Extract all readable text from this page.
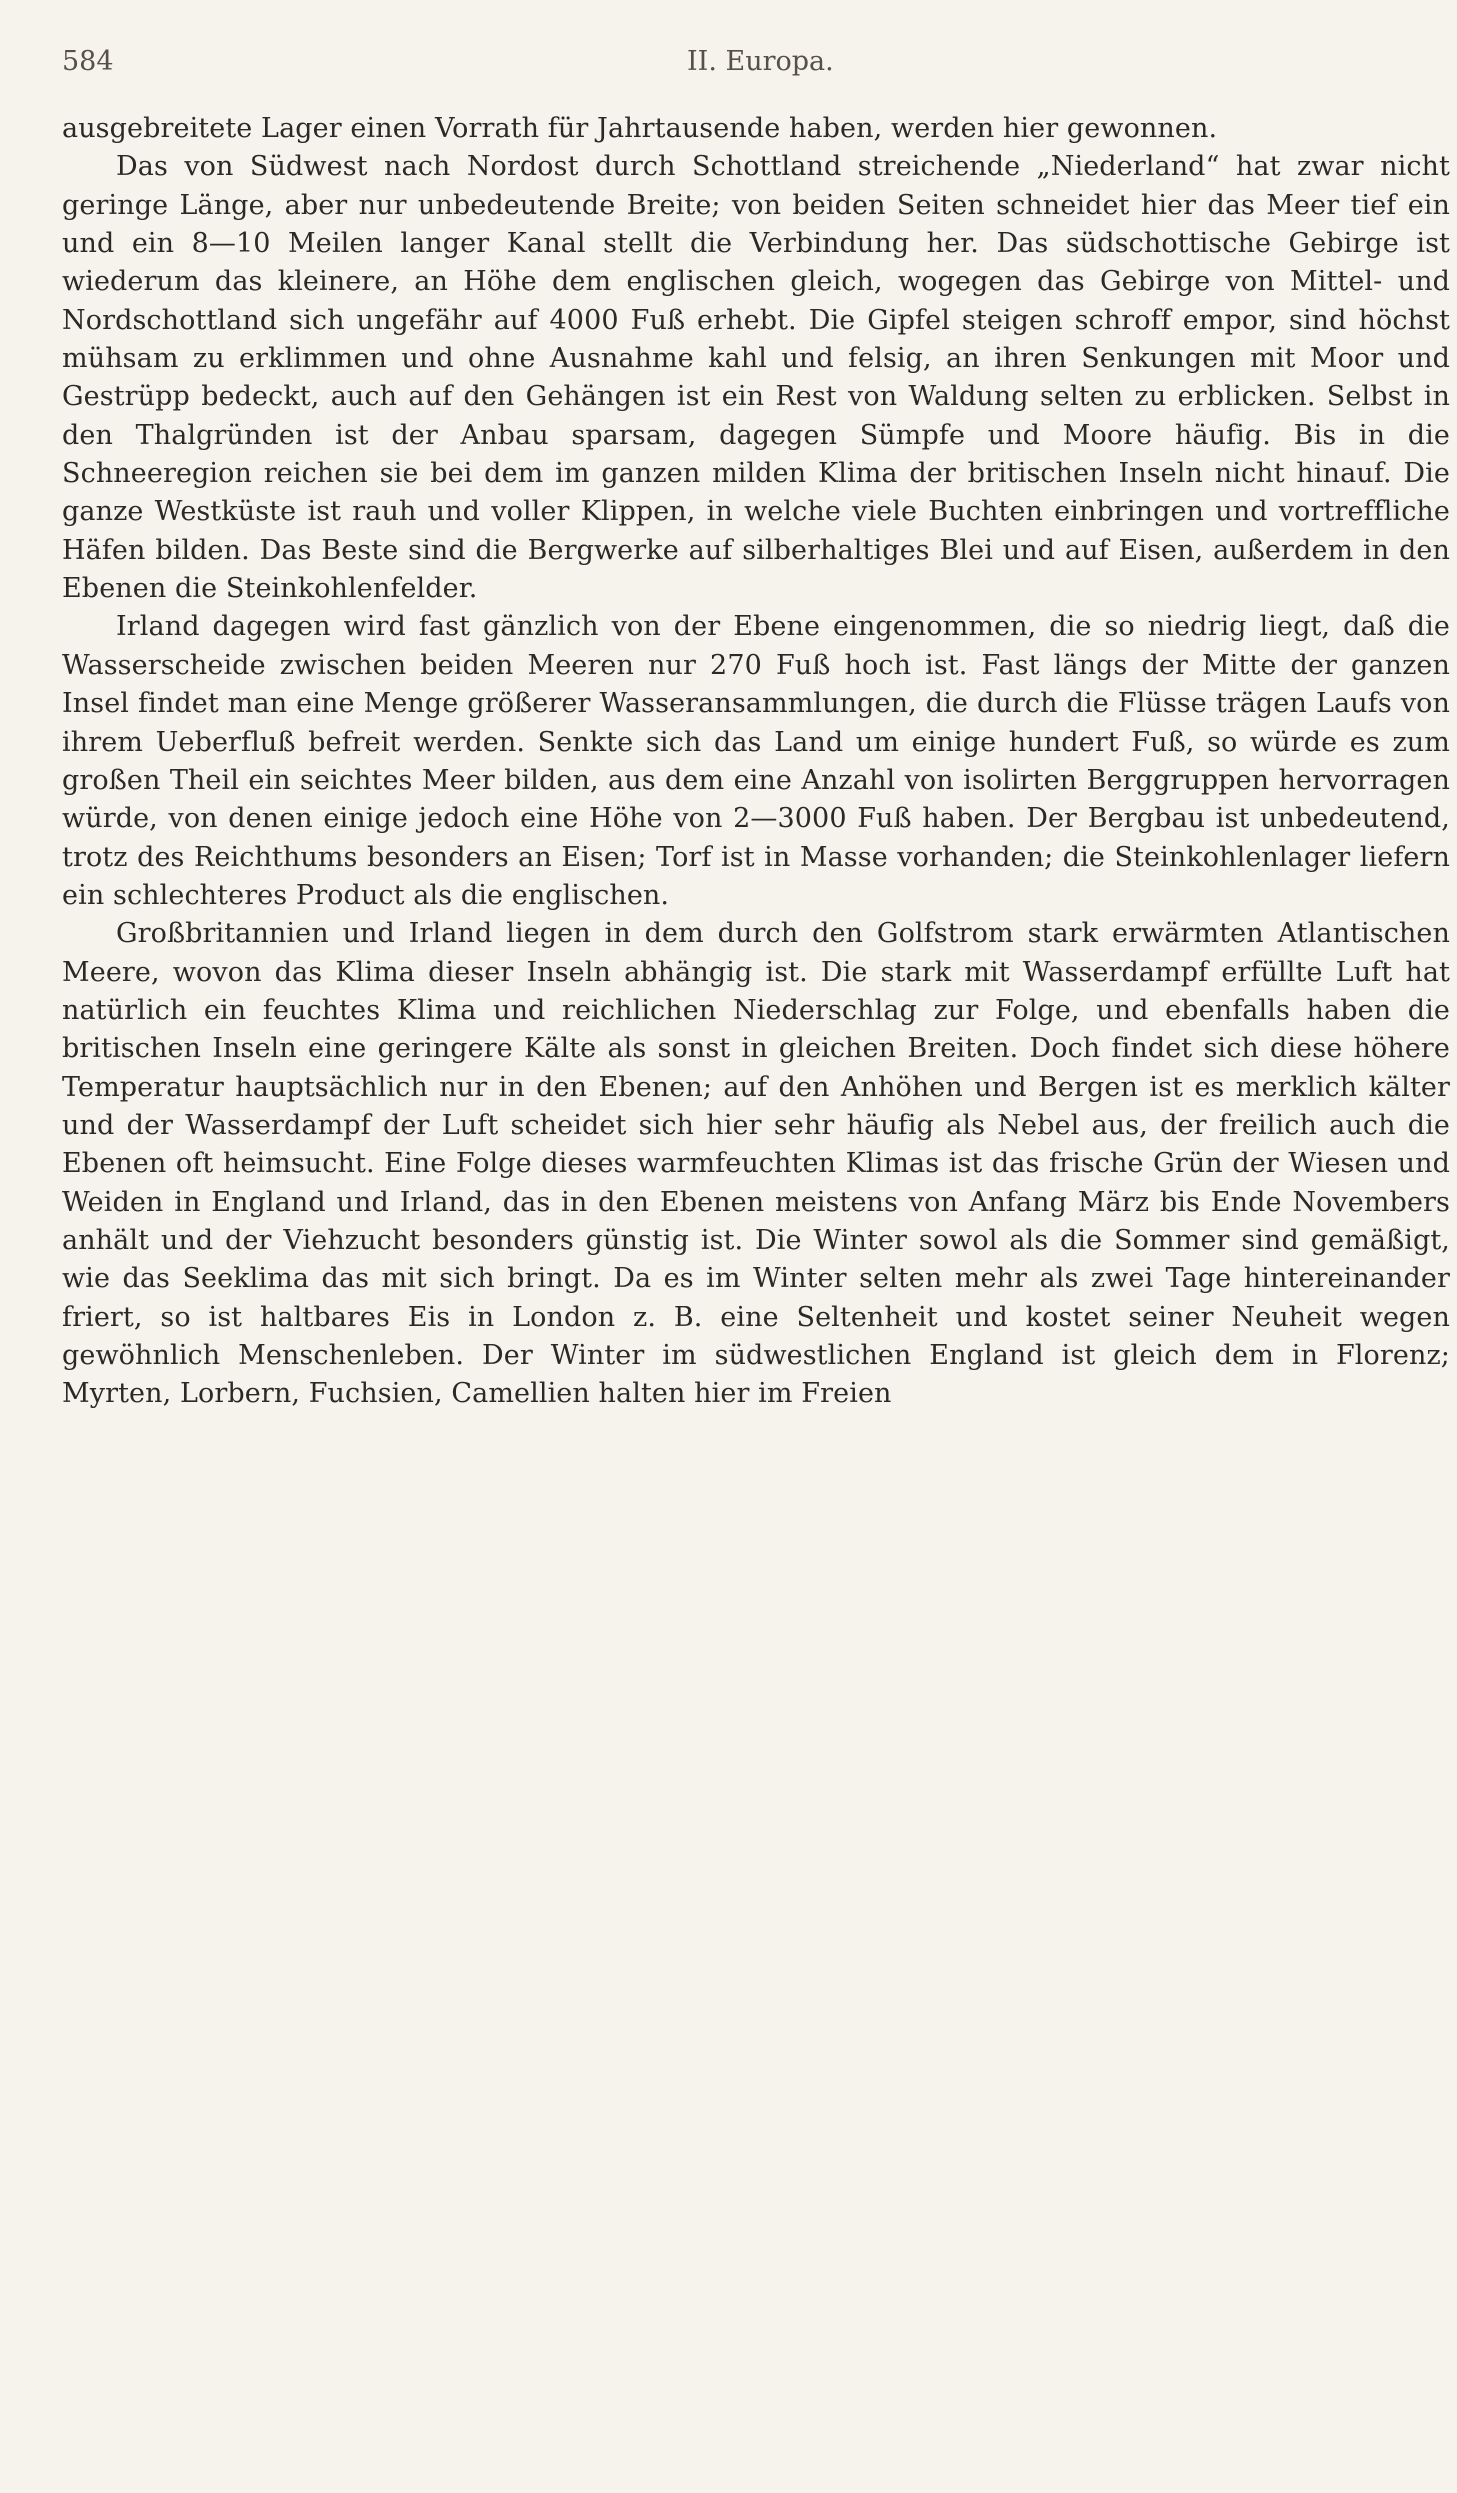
584	II. Europa.

ausgebreitete Lager einen Vorrath für Jahrtausende haben, werden hier gewonnen.

Das von Südwest nach Nordost durch Schottland streichende „Niederland“ hat zwar nicht geringe Länge, aber nur unbedeutende Breite; von beiden Seiten schneidet hier das Meer tief ein und ein 8—10 Meilen langer Kanal stellt die Verbindung her. Das südschottische Gebirge ist wiederum das kleinere, an Höhe dem englischen gleich, wogegen das Gebirge von Mittel- und Nordschottland sich ungefähr auf 4000 Fuß erhebt. Die Gipfel steigen schroff empor, sind höchst mühsam zu erklimmen und ohne Ausnahme kahl und felsig, an ihren Senkungen mit Moor und Gestrüpp bedeckt, auch auf den Gehängen ist ein Rest von Waldung selten zu erblicken. Selbst in den Thalgründen ist der Anbau sparsam, dagegen Sümpfe und Moore häufig. Bis in die Schneeregion reichen sie bei dem im ganzen milden Klima der britischen Inseln nicht hinauf. Die ganze Westküste ist rauh und voller Klippen, in welche viele Buchten einbringen und vortreffliche Häfen bilden. Das Beste sind die Bergwerke auf silberhaltiges Blei und auf Eisen, außerdem in den Ebenen die Steinkohlenfelder.

Irland dagegen wird fast gänzlich von der Ebene eingenommen, die so niedrig liegt, daß die Wasserscheide zwischen beiden Meeren nur 270 Fuß hoch ist. Fast längs der Mitte der ganzen Insel findet man eine Menge größerer Wasseransammlungen, die durch die Flüsse trägen Laufs von ihrem Ueberfluß befreit werden. Senkte sich das Land um einige hundert Fuß, so würde es zum großen Theil ein seichtes Meer bilden, aus dem eine Anzahl von isolirten Berggruppen hervorragen würde, von denen einige jedoch eine Höhe von 2—3000 Fuß haben. Der Bergbau ist unbedeutend, trotz des Reichthums besonders an Eisen; Torf ist in Masse vorhanden; die Steinkohlenlager liefern ein schlechteres Product als die englischen.

Großbritannien und Irland liegen in dem durch den Golfstrom stark erwärmten Atlantischen Meere, wovon das Klima dieser Inseln abhängig ist. Die stark mit Wasserdampf erfüllte Luft hat natürlich ein feuchtes Klima und reichlichen Niederschlag zur Folge, und ebenfalls haben die britischen Inseln eine geringere Kälte als sonst in gleichen Breiten. Doch findet sich diese höhere Temperatur hauptsächlich nur in den Ebenen; auf den Anhöhen und Bergen ist es merklich kälter und der Wasserdampf der Luft scheidet sich hier sehr häufig als Nebel aus, der freilich auch die Ebenen oft heimsucht. Eine Folge dieses warmfeuchten Klimas ist das frische Grün der Wiesen und Weiden in England und Irland, das in den Ebenen meistens von Anfang März bis Ende Novembers anhält und der Viehzucht besonders günstig ist. Die Winter sowol als die Sommer sind gemäßigt, wie das Seeklima das mit sich bringt. Da es im Winter selten mehr als zwei Tage hintereinander friert, so ist haltbares Eis in London z. B. eine Seltenheit und kostet seiner Neuheit wegen gewöhnlich Menschenleben. Der Winter im südwestlichen England ist gleich dem in Florenz; Myrten, Lorbern, Fuchsien, Camellien halten hier im Freien
